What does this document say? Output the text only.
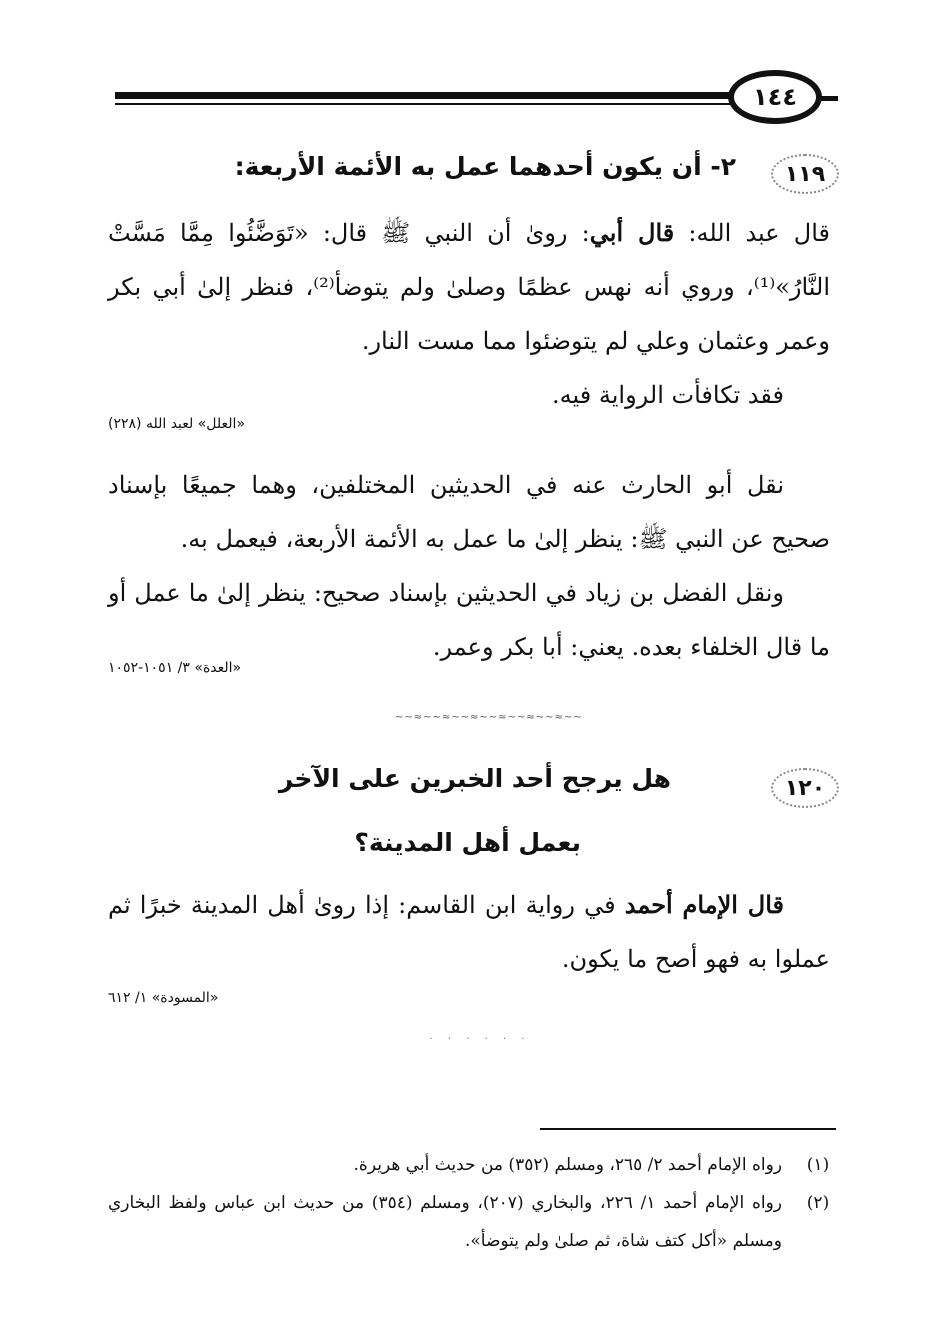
١٤٤
١١٩
٢- أن يكون أحدهما عمل به الأئمة الأربعة:
قال عبد الله: قال أبي: رویٰ أن النبي ﷺ قال: «تَوَضَّئُوا مِمَّا مَسَّتْ النَّارُ»⁽¹⁾، وروي أنه نهس عظمًا وصلىٰ ولم يتوضأ⁽²⁾، فنظر إلىٰ أبي بكر وعمر وعثمان وعلي لم يتوضئوا مما مست النار.
فقد تكافأت الرواية فيه.
«العلل» لعبد الله (٢٢٨)
نقل أبو الحارث عنه في الحديثين المختلفين، وهما جميعًا بإسناد صحيح عن النبي ﷺ: ينظر إلىٰ ما عمل به الأئمة الأربعة، فيعمل به.
ونقل الفضل بن زياد في الحديثين بإسناد صحيح: ينظر إلىٰ ما عمل أو ما قال الخلفاء بعده. يعني: أبا بكر وعمر.
«العدة» ٣/ ١٠٥١-١٠٥٢
~~≈~~≈~~≈~~≈~~≈~~≈~~
١٢٠
هل يرجح أحد الخبرين على الآخر
بعمل أهل المدينة؟
قال الإمام أحمد في رواية ابن القاسم: إذا روىٰ أهل المدينة خبرًا ثم عملوا به فهو أصح ما يكون.
«المسودة» ١/ ٦١٢
· · · · · ·
(١)
رواه الإمام أحمد ٢/ ٢٦٥، ومسلم (٣٥٢) من حديث أبي هريرة.
(٢)
رواه الإمام أحمد ١/ ٢٢٦، والبخاري (٢٠٧)، ومسلم (٣٥٤) من حديث ابن عباس ولفظ البخاري ومسلم «أكل كتف شاة، ثم صلىٰ ولم يتوضأ».
